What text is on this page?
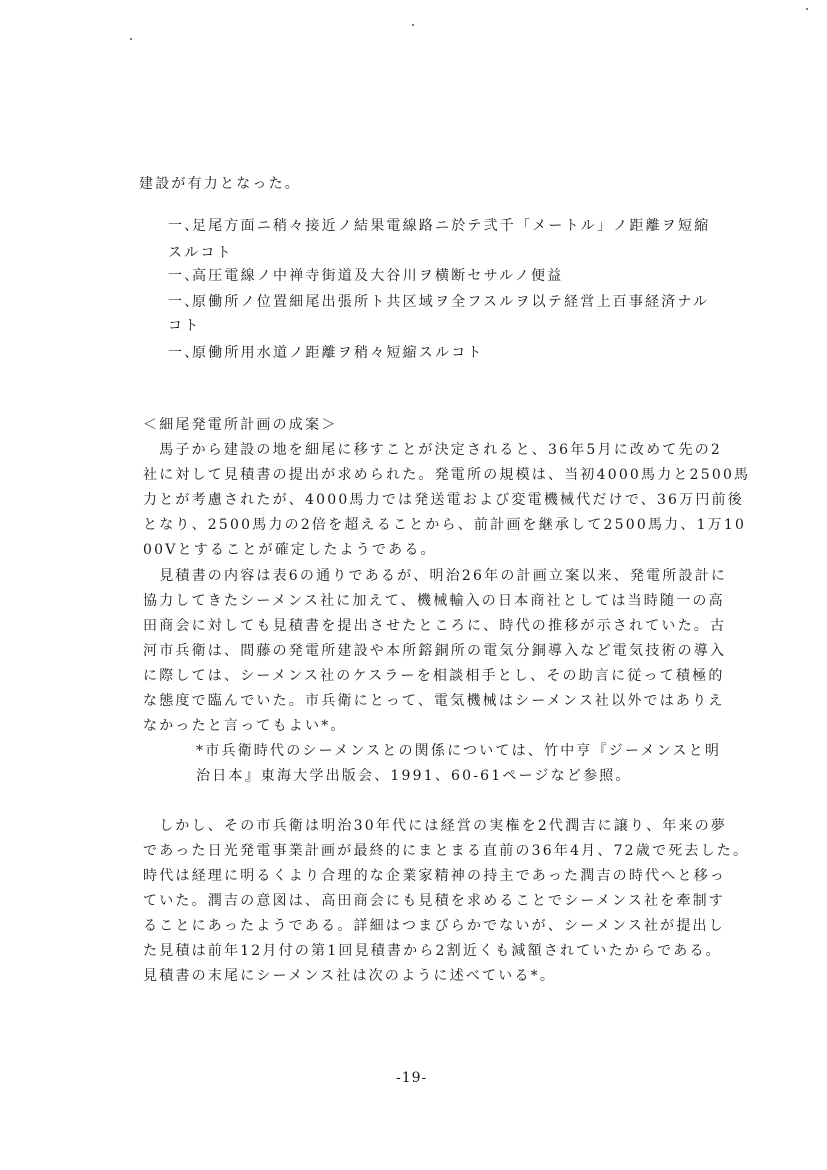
建設が有力となった。
一、足尾方面ニ稍々接近ノ結果電線路ニ於テ弐千「メートル」ノ距離ヲ短縮
スルコト
一、高圧電線ノ中禅寺街道及大谷川ヲ横断セサルノ便益
一、原働所ノ位置細尾出張所ト共区域ヲ全フスルヲ以テ経営上百事経済ナル
コト
一、原働所用水道ノ距離ヲ稍々短縮スルコト
＜細尾発電所計画の成案＞
　馬子から建設の地を細尾に移すことが決定されると、36年5月に改めて先の2
社に対して見積書の提出が求められた。発電所の規模は、当初4000馬力と2500馬
力とが考慮されたが、4000馬力では発送電および変電機械代だけで、36万円前後
となり、2500馬力の2倍を超えることから、前計画を継承して2500馬力、1万10
00Vとすることが確定したようである。
　見積書の内容は表6の通りであるが、明治26年の計画立案以来、発電所設計に
協力してきたシーメンス社に加えて、機械輸入の日本商社としては当時随一の高
田商会に対しても見積書を提出させたところに、時代の推移が示されていた。古
河市兵衛は、間藤の発電所建設や本所鎔銅所の電気分銅導入など電気技術の導入
に際しては、シーメンス社のケスラーを相談相手とし、その助言に従って積極的
な態度で臨んでいた。市兵衛にとって、電気機械はシーメンス社以外ではありえ
なかったと言ってもよい*。
*市兵衛時代のシーメンスとの関係については、竹中亨『ジーメンスと明
治日本』東海大学出版会、1991、60-61ページなど参照。
　しかし、その市兵衛は明治30年代には経営の実権を2代潤吉に譲り、年来の夢
であった日光発電事業計画が最終的にまとまる直前の36年4月、72歳で死去した。
時代は経理に明るくより合理的な企業家精神の持主であった潤吉の時代へと移っ
ていた。潤吉の意図は、高田商会にも見積を求めることでシーメンス社を牽制す
ることにあったようである。詳細はつまびらかでないが、シーメンス社が提出し
た見積は前年12月付の第1回見積書から2割近くも減額されていたからである。
見積書の末尾にシーメンス社は次のように述べている*。
-19-
